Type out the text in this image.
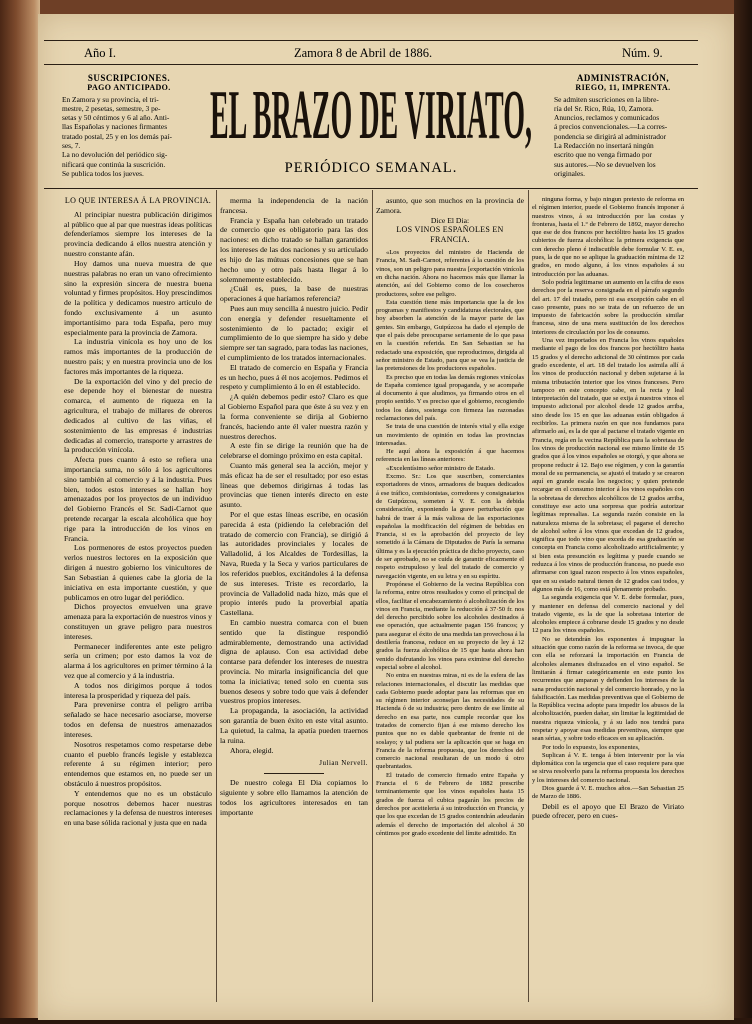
Año I.	Zamora 8 de Abril de 1886.	Núm. 9.
SUSCRIPCIONES.
PAGO ANTICIPADO.
En Zamora y su provincia, el tri-
mestre, 2 pesetas, semestre, 3 pe-
setas y 50 céntimos y 6 al año. Anti-
llas Españolas y naciones firmantes
tratado postal, 25 y en los demás paí-
ses, 7.
La no devolución del periódico sig-
nificará que continúa la suscrición.
Se publica todos los jueves.
EL BRAZO DE VIRIATO,
PERIÓDICO SEMANAL.
ADMINISTRACIÓN,
RIEGO, 11, IMPRENTA.
Se admiten suscriciones en la libre-
ría del Sr. Rico, Rúa, 10, Zamora.
Anuncios, reclamos y comunicados
á precios convencionales.—La corres-
pondencia se dirigirá al administrador
La Redacción no insertará ningún
escrito que no venga firmado por
sus autores.—No se devuelven los
originales.

LO QUE INTERESA Á LA PROVINCIA.

Al principiar nuestra publicación dirigimos al público que al par que nuestras ideas políticas defenderíamos siempre los intereses de la provincia dedicando á ellos nuestra atención y nuestro constante afán.

Hoy damos una nueva muestra de que nuestras palabras no eran un vano ofrecimiento sino la expresión sincera de nuestra buena voluntad y firmes propósitos. Hoy prescindimos de la política y dedicamos nuestro artículo de fondo exclusivamente á un asunto importantísimo para toda España, pero muy especialmente para la provincia de Zamora.

La industria vinícola es hoy uno de los ramos más importantes de la producción de nuestro país; y en nuestra provincia uno de los factores más importantes de la riqueza.

De la exportación del vino y del precio de ese depende hoy el bienestar de nuestra comarca, el aumento de riqueza en la agricultura, el trabajo de millares de obreros dedicados al cultivo de las viñas, el sostenimiento de las empresas é industrias dedicadas al comercio, transporte y arrastres de la producción vinícola.

Afecta pues cuanto á esto se refiera una importancia suma, no sólo á los agricultores sino también al comercio y á la industria. Pues bien, todos estos intereses se hallan hoy amenazados por los proyectos de un individuo del Gobierno Francés el Sr. Sadi-Carnot que pretende recargar la escala alcohólica que hoy rige para la introducción de los vinos en Francia.

Los pormenores de estos proyectos pueden verlos nuestros lectores en la exposición que dirigen á nuestro gobierno los vinicultores de San Sebastian á quienes cabe la gloria de la iniciativa en esta importante cuestión, y que publicamos en otro lugar del periódico.

Dichos proyectos envuelven una grave amenaza para la exportación de nuestros vinos y constituyen un grave peligro para nuestros intereses.

Permanecer indiferentes ante este peligro sería un crimen; por esto damos la voz de alarma á los agricultores en primer término á la vez que al comercio y á la industria.

A todos nos dirigimos porque á todos interesa la prosperidad y riqueza del país.

Para prevenirse contra el peligro arriba señalado se hace necesario asociarse, moverse todos en defensa de nuestros amenazados intereses.

Nosotros respetamos como respetarse debe cuanto el pueblo francés legisle y establezca referente á su régimen interior; pero entendemos que estamos en, no puede ser un obstáculo á nuestros propósitos.

Y entendemos que no es un obstáculo porque nosotros debemos hacer nuestras reclamaciones y la defensa de nuestros intereses en una base sólida racional y justa que en nada

merma la independencia de la nación francesa.

Francia y España han celebrado un tratado de comercio que es obligatorio para las dos naciones: en dicho tratado se hallan garantidos los intereses de las dos naciones y su articulado es hijo de las mútuas concesiones que se han hecho uno y otro país hasta llegar á lo solemnemente establecido.

¿Cuál es, pues, la base de nuestras operaciones á que haríamos referencia?

Pues aun muy sencilla á nuestro juicio. Pedir con energía y defender resueltamente el sostenimiento de lo pactado; exigir el cumplimiento de lo que siempre ha sido y debe siempre ser tan sagrado, para todas las naciones, el cumplimiento de los tratados internacionales.

El tratado de comercio en España y Francia es un hecho, pues á él nos acojemos. Pedimos el respeto y cumplimiento á lo en él establecido.

¿A quién debemos pedir esto? Claro es que al Gobierno Español para que éste á su vez y en la forma conveniente se dirija al Gobierno francés, haciendo ante él valer nuestra razón y nuestros derechos.

A este fin se dirige la reunión que ha de celebrarse el domingo próximo en esta capital.

Cuanto más general sea la acción, mejor y más eficaz ha de ser el resultado; por eso estas líneas que debemos dirigirnas á todas las provincias que tienen interés directo en este asunto.

Por el que estas líneas escribe, en ocasión parecida á esta (pidiendo la celebración del tratado de comercio con Francia), se dirigió á las autoridades provinciales y locales de Valladolid, á los Alcaldes de Tordesillas, la Nava, Rueda y la Seca y varios particulares de los referidos pueblos, excitándoles á la defensa de sus intereses. Triste es recordarlo, la provincia de Valladolid nada hizo, más que el propio interés pudo la proverbial apatía Castellana.

En cambio nuestra comarca con el buen sentido que la distingue respondió admirablemente, demostrando una actividad digna de aplauso. Con esa actividad debe contarse para defender los intereses de nuestra provincia. No mirarla insignificancia del que toma la iniciativa; tened solo en cuenta sus buenos deseos y sobre todo que vais á defender vuestros propios intereses.

La propaganda, la asociación, la actividad son garantía de buen éxito en este vital asunto. La quietud, la calma, la apatía pueden traernos la ruina.

Ahora, elegid.

Julian Nervell.

De nuestro colega El Dia copiamos lo siguiente y sobre ello llamamos la atención de todos los agricultores interesados en tan importante

asunto, que son muchos en la provincia de Zamora.

Dice El Dia:

LOS VINOS ESPAÑOLES EN FRANCIA.

«Los proyectos del ministro de Hacienda de Francia, M. Sadi-Carnot, referentes á la cuestión de los vinos, son un peligro para nuestra [exportación vinícola en dicha nación. Ahora no hacemos más que llamar la atención, así del Gobierno como de los cosecheros productores, sobre ese peligro.

Esta cuestión tiene más importancia que la de los programas y manifiestos y candidaturas electorales, que hoy absorben la atención de la mayor parte de las gentes. Sin embargo, Guipúzcoa ha dado el ejemplo de que el país debe preocuparse seriamente de lo que pasa en la cuestión referida. En San Sebastian se ha redactado una exposición, que reproducimos, dirigida al señor ministro de Estado, para que se vea la justicia de las pretensiones de los productores españoles.

Es preciso que en todas las demás regiones vinícolas de España comience igual propaganda, y se acompañe al documento á que aludimos, ya firmando otros en el propio sentido. Y es preciso que el gobierno, recogiendo todos los datos, sostenga con firmeza las razonadas reclamaciones del país.

Se trata de una cuestión de interés vital y ella exige un movimiento de opinión en todas las provincias interesadas.

He aquí ahora la exposición á que hacemos referencia en las líneas anteriores:

«Excelentísimo señor ministro de Estado.

Excmo. Sr.: Los que suscriben, comerciantes exportadores de vinos, armadores de buques dedicados á ese tráfico, comisionistas, corredores y consignatarios de Guipúzcoa, someten á V. E. con la debida consideración, exponiendo la grave perturbación que habrá de traer á la más valiosa de las exportaciones españolas la modificación del régimen de bebidas en Francia, si es la aprobación del proyecto de ley sometido á la Cámara de Diputados de París la semana última y es la ejecución práctica de dicho proyecto, caso de ser aprobado, no se cuida de garantir eficazmente el respeto estrupuloso y leal del tratado de comercio y navegación vigente, en su letra y en su espíritu.

Propónese el Gobierno de la vecina República con la reforma, entre otros resultados y como el principal de ellos, facilitar el encabezamiento ó alcoholización de los vinos en Francia, mediante la reducción á 37·50 fr. nos del derecho percibido sobre los alcoholes destinados á ese operación, que actualmente pagan 156 francos; y para asegurar el éxito de una medida tan provechosa á la destilería francesa, reduce en su proyecto de ley á 12 grados la fuerza alcohólica de 15 que hasta ahora han venido disfrutando los vinos para eximirse del derecho especial sobre el alcohol.

No entra en nuestras miras, ni es de la esfera de las relaciones internacionales, el discutir las medidas que cada Gobierno puede adoptar para las reformas que en su régimen interior aconsejan las necesidades de su Hacienda ó de su industria; pero dentro de ese límite al derecho en esa parte, nos cumple recordar que los tratados de comercio fijan á ese mismo derecho los puntos que no es dable quebrantar de frente ni de soslayo; y tal pudiera ser la aplicación que se haga en Francia de la reforma propuesta, que los derechos del comercio nacional resultaran de un modo ú otro quebrantados.

El tratado de comercio firmado entre España y Francia el 6 de Febrero de 1882 prescribe terminantemente que los vinos españoles hasta 15 grados de fuerza el cubica pagarán los precios de derechos por aceiteleria á su introducción en Francia, y que los que excedan de 15 grados contendrán adeudarán además el derecho de importación del alcohol á 30 céntimos por grado excedente del límite admitido. En

ninguna forma, y bajo ningun pretexto de reforma en el régimen interior, puede el Gobierno francés imponer á nuestros vinos, á su introducción por las costas y fronteras, hasta el 1.º de Febrero de 1892, mayor derecho que ese de dos francos por hectólitro hasta los 15 grados cubiertos de fuerza alcohólica: la primera exigencia que con derecho pleno é indiscutible debe formular V. E. es, pues, la de que no se aplique la graduación mínima de 12 grados, en modo alguno, á los vinos españoles á su introducción por las aduanas.

Solo podría legitimarse un aumento en la cifra de esos derechos por la reserva consignada en el párrafo segundo del art. 17 del tratado, pero ni esa excepción cabe en el caso presente, pues no se trata de un refuerzo de un impuesto de fabricación sobre la producción similar francesa, sino de una mera sustitución de los derechos interiores de circulación por los de consumo.

Una vez importados en Francia los vinos españoles mediante el pago de los dos francos por hectólitro hasta 15 grados y el derecho adicional de 30 céntimos por cada grado excedente, el art. 18 del tratado los asimila allí á los vinos de producción nacional y deben sujetarse á la misma tributación interior que los vinos franceses. Pero tampoco en este concepto cabe, en la recta y leal interpretación del tratado, que se exija á nuestros vinos el impuesto adicional por alcohol desde 12 grados arriba, sino desde los 15 en que las aduanas están obligados á recibirlos. La primera razón en que nos fundamos para afirmarlo así, es la de que al pactarse el tratado vigente en Francia, regía en la vecina República para la sobretasa de los vinos de producción nacional ese mismo límite de 15 grados que á los vinos españoles se otorgó, y que ahora se propone reducir á 12. Bajo ese régimen, y con la garantía moral de su permanencia, se ajustó el tratado y se crearon aquí en grande escala los negocios; y quien pretende recargar en el consumo interior á los vinos españoles con la sobretasa de derechos alcohólicos de 12 grados arriba, constituye ese acto una sorpresa que podría autorizar legítimas represalias. La segunda razón consiste en la naturaleza misma de la sobretasa; el pagarse el derecho de alcohol sobre á los vinos que excedan de 12 grados, significa que todo vino que exceda de esa graduación se concepta en Francia como alcoholizado artificialmente; y si bien esta presunción es legítima y puede cuando se reduzca á los vinos de producción francesa, no puede eso afirmarse con igual razon respecto á los vinos españoles, que en su estado natural tienen de 12 grados casi todos, y algunos más de 16, como está plenamente probado.

La segunda exigencia que V. E. debe formular, pues, y mantener en defensa del comercio nacional y del tratado vigente, es la de que la sobretasa interior de alcoholes empiece á cobrarse desde 15 grados y no desde 12 para los vinos españoles.

No se detendrán los exponentes á impugnar la situación que como razón de la reforma se invoca, de que con ella se reforzará la importación en Francia de alcoholes alemanes disfrazados en el vino español. Se limitarán á firmar categóricamente en este punto los recurrentes que amparan y defienden los intereses de la sana producción nacional y del comercio honrado, y no la falsificación. Las medidas preventivas que el Gobierno de la República vecina adopte para impedir los abusos de la alcoholización, pueden dañar, sin limitar la legitimidad de nuestra riqueza vinícola, y á su lado nos tendrá para respetar y apoyar esas medidas preventivas, siempre que sean sérias, y sobre todo eficaces en su aplicación.

Por todo lo expuesto, los exponentes,

Suplican á V. E. tenga á bien intervenir por la vía diplomática con la urgencia que el caso requiere para que se sirva resolverlo para la reforma propuesta los derechos y los intereses del comercio nacional.

Dios guarde á V. E. muchos años.—San Sebastian 25 de Marzo de 1886.

Debil es el apoyo que El Brazo de Viriato puede ofrecer, pero en cues-
